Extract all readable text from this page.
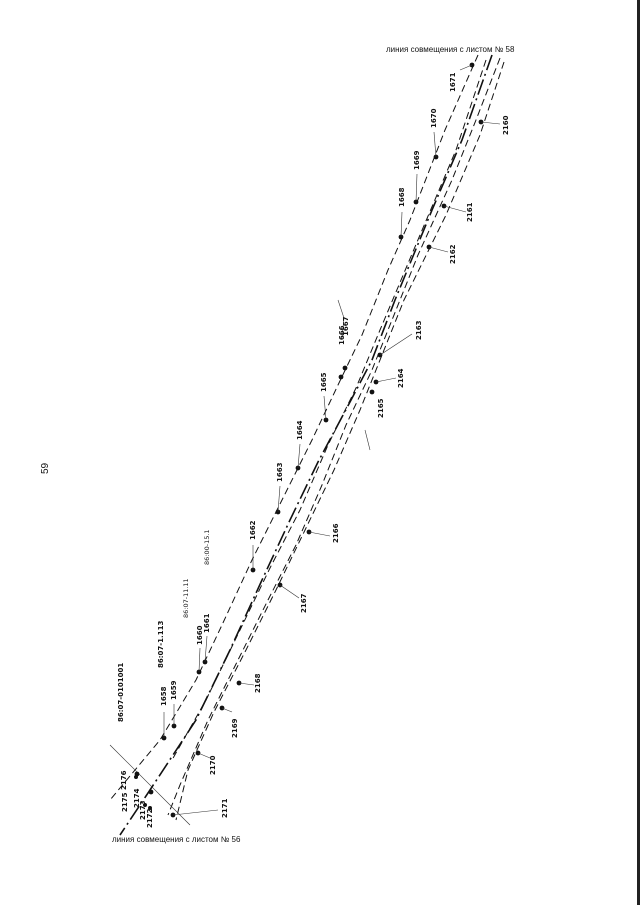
59
линия совмещения с листом № 58
линия совмещения с листом № 56
86:07-0101001
86:07-1.113
86:07-11.11
86:00-15.1
1658 1659
1660
1661
1662
1663
1664
1665
1666
1667
1668
1669
1670
1671
2160
2161
2162
2163
2164
2165
2166
2167
2168
2169
2170
2171
2172
2173
2174
2175
2176
